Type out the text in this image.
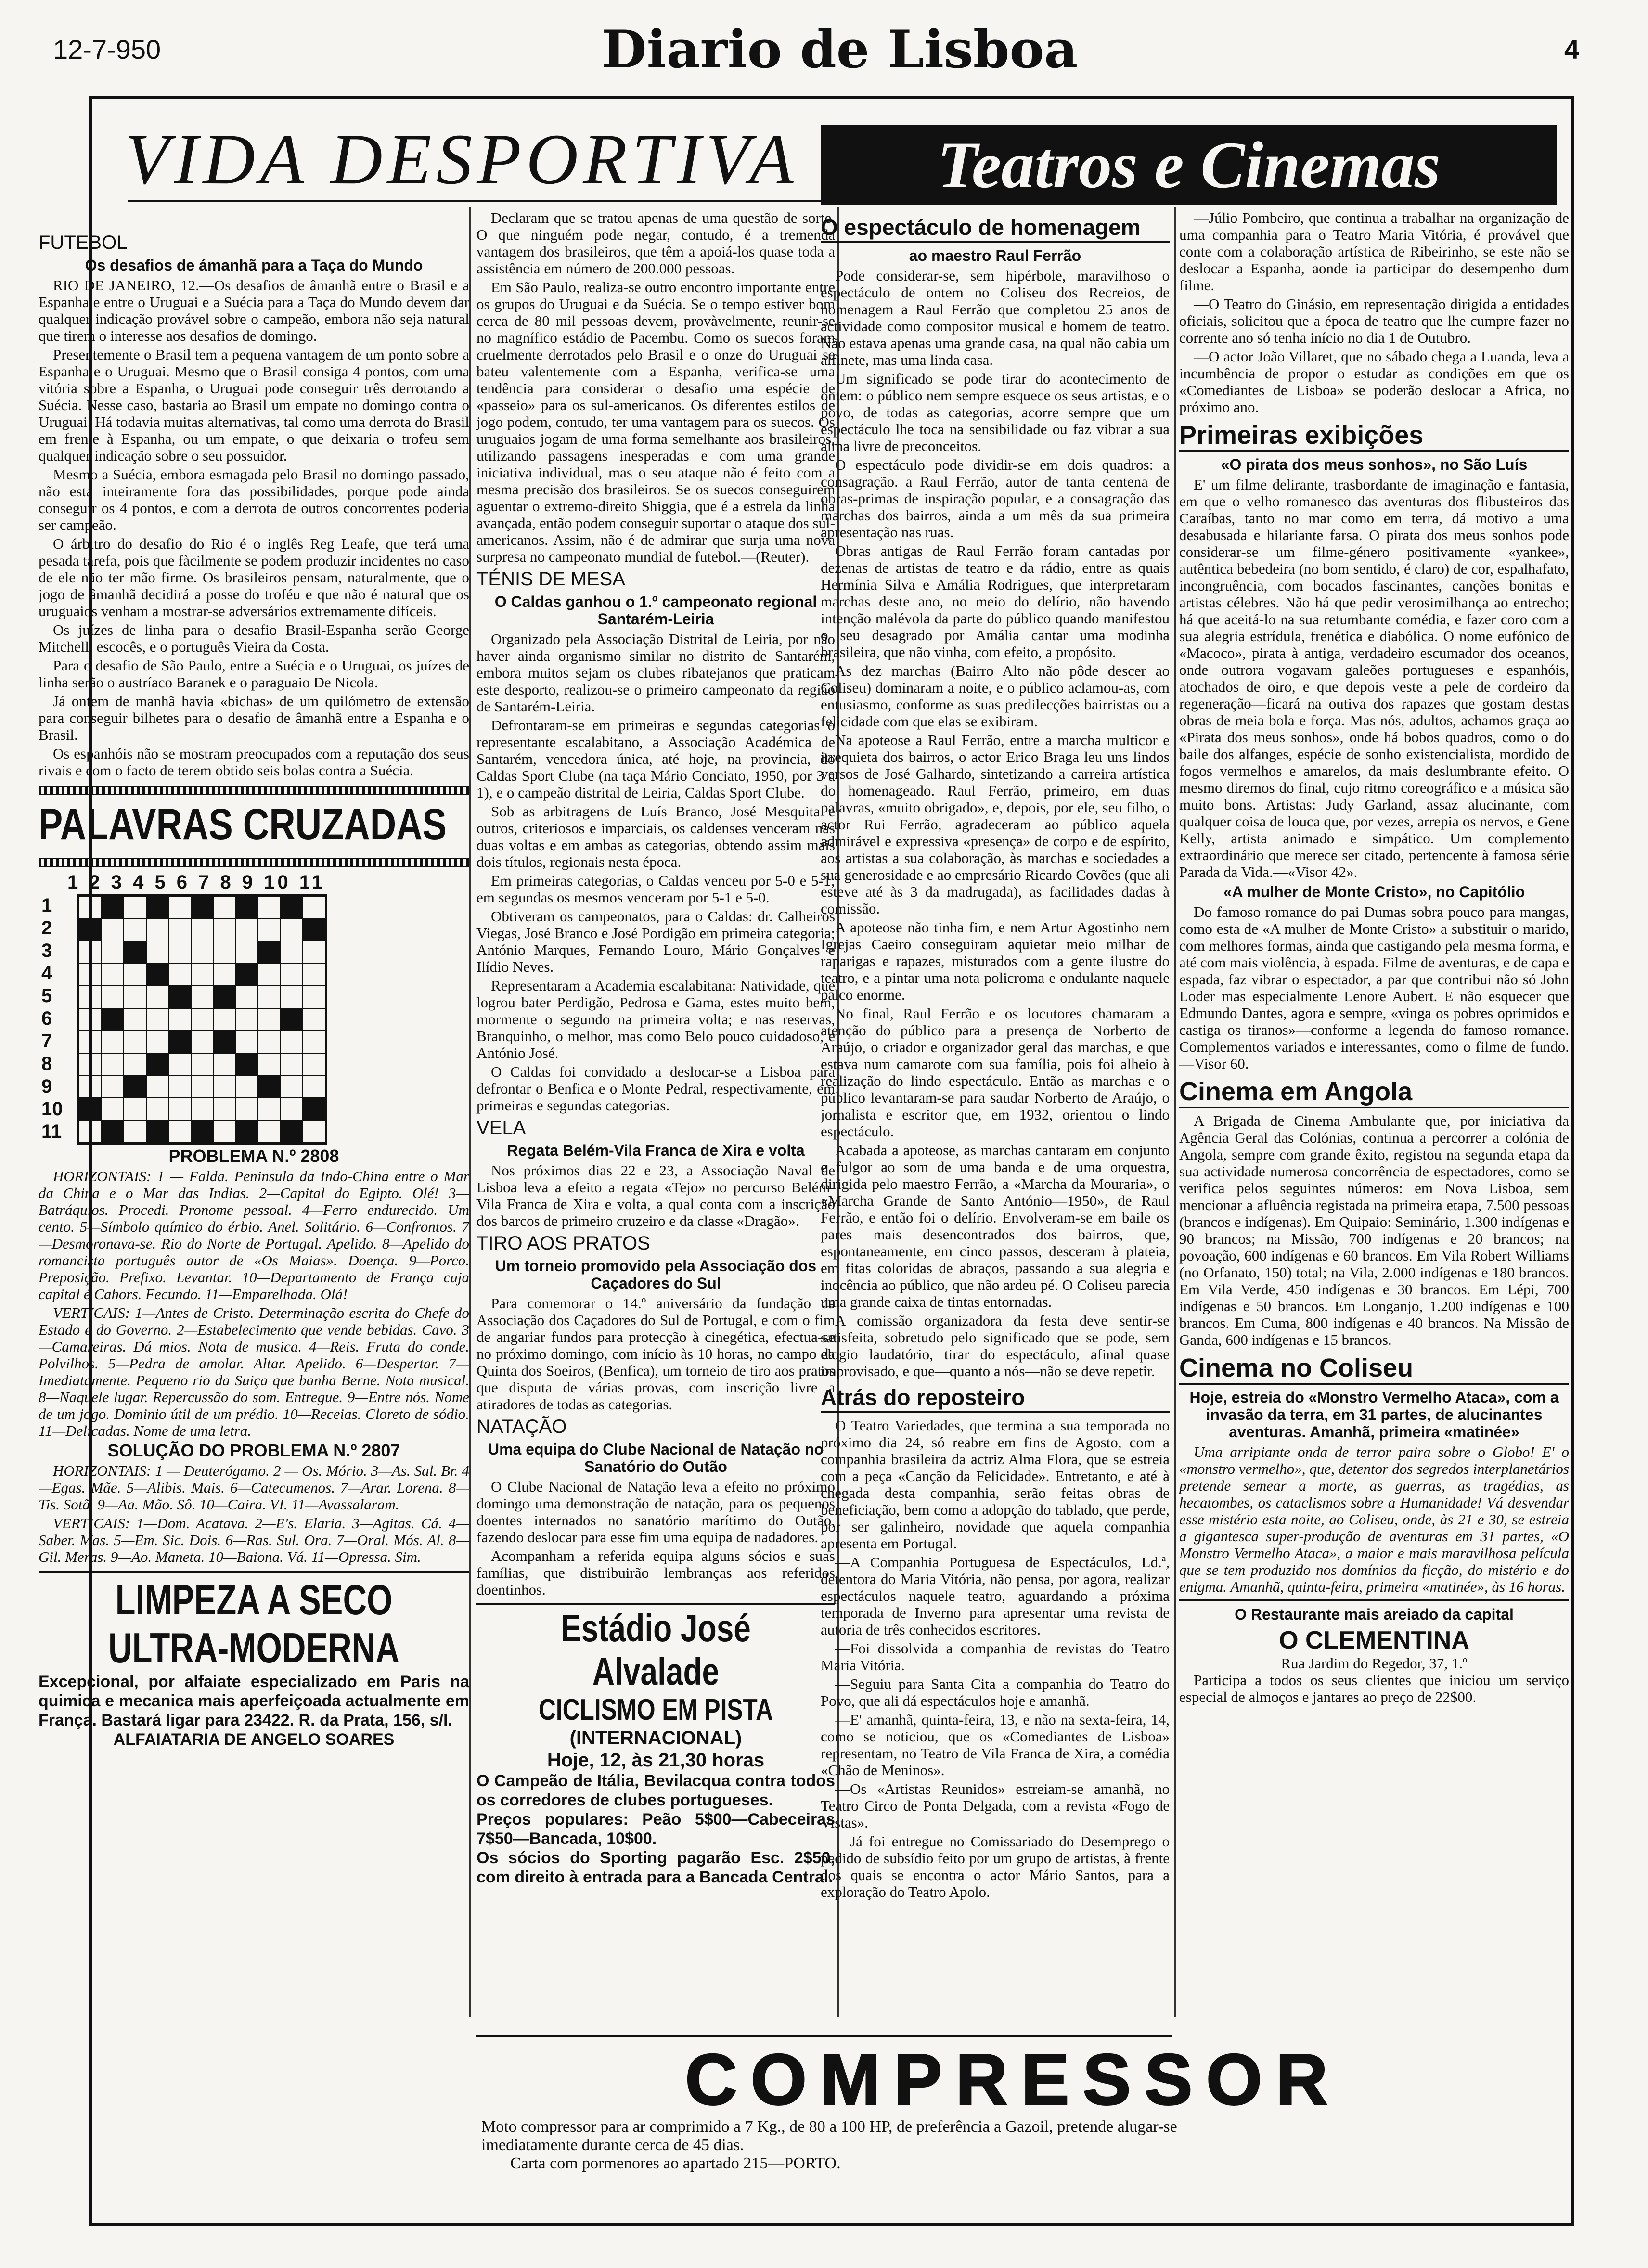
12-7-950	Diario de Lisboa	4
VIDA DESPORTIVA	Teatros e Cinemas
FUTEBOL
Os desafios de ámanhã para a Taça do Mundo

RIO DE JANEIRO, 12.—Os desafios de âmanhã entre o Brasil e a Espanha e entre o Uruguai e a Suécia para a Taça do Mundo devem dar qualquer indicação provável sobre o campeão, embora não seja natural que tirem o interesse aos desafios de domingo.

Presentemente o Brasil tem a pequena vantagem de um ponto sobre a Espanha e o Uruguai. Mesmo que o Brasil consiga 4 pontos, com uma vitória sobre a Espanha, o Uruguai pode conseguir três derrotando a Suécia. Nesse caso, bastaria ao Brasil um empate no domingo contra o Uruguai. Há todavia muitas alternativas, tal como uma derrota do Brasil em frente à Espanha, ou um empate, o que deixaria o trofeu sem qualquer indicação sobre o seu possuidor.

Mesmo a Suécia, embora esmagada pelo Brasil no domingo passado, não está inteiramente fora das possibilidades, porque pode ainda conseguir os 4 pontos, e com a derrota de outros concorrentes poderia ser campeão.

O árbitro do desafio do Rio é o inglês Reg Leafe, que terá uma pesada tarefa, pois que fàcilmente se podem produzir incidentes no caso de ele não ter mão firme. Os brasileiros pensam, naturalmente, que o jogo de âmanhã decidirá a posse do troféu e que não é natural que os uruguaios venham a mostrar-se adversários extremamente difíceis.

Os juízes de linha para o desafio Brasil-Espanha serão George Mitchell, escocês, e o português Vieira da Costa.

Para o desafio de São Paulo, entre a Suécia e o Uruguai, os juízes de linha serão o austríaco Baranek e o paraguaio De Nicola.

Já ontem de manhã havia «bichas» de um quilómetro de extensão para conseguir bilhetes para o desafio de âmanhã entre a Espanha e o Brasil.

Os espanhóis não se mostram preocupados com a reputação dos seus rivais e com o facto de terem obtido seis bolas contra a Suécia.

PALAVRAS CRUZADAS
1 2 3 4 5 6 7 8 9 10 11
1
2
3
4
5
6
7
8
9
10
11
PROBLEMA N.º 2808

HORIZONTAIS: 1 — Falda. Peninsula da Indo-China entre o Mar da China e o Mar das Indias. 2—Capital do Egipto. Olé! 3—Batráquios. Procedi. Pronome pessoal. 4—Ferro endurecido. Um cento. 5—Símbolo químico do érbio. Anel. Solitário. 6—Confrontos. 7—Desmoronava-se. Rio do Norte de Portugal. Apelido. 8—Apelido do romancista português autor de «Os Maias». Doença. 9—Porco. Preposição. Prefixo. Levantar. 10—Departamento de França cuja capital é Cahors. Fecundo. 11—Emparelhada. Olá!

VERTICAIS: 1—Antes de Cristo. Determinação escrita do Chefe do Estado e do Governo. 2—Estabelecimento que vende bebidas. Cavo. 3—Camareiras. Dá mios. Nota de musica. 4—Reis. Fruta do conde. Polvilhos. 5—Pedra de amolar. Altar. Apelido. 6—Despertar. 7—Imediatamente. Pequeno rio da Suiça que banha Berne. Nota musical. 8—Naquele lugar. Repercussão do som. Entregue. 9—Entre nós. Nome de um jogo. Dominio útil de um prédio. 10—Receias. Cloreto de sódio. 11—Delicadas. Nome de uma letra.

SOLUÇÃO DO PROBLEMA N.º 2807

HORIZONTAIS: 1 — Deuterógamo. 2 — Os. Mório. 3—As. Sal. Br. 4—Egas. Mãe. 5—Alibis. Mais. 6—Catecumenos. 7—Arar. Lorena. 8—Tis. Sotã. 9—Aa. Mão. Sô. 10—Caira. VI. 11—Avassalaram.

VERTICAIS: 1—Dom. Acatava. 2—E's. Elaria. 3—Agitas. Cá. 4—Saber. Mas. 5—Em. Sic. Dois. 6—Ras. Sul. Ora. 7—Oral. Mós. Al. 8—Gil. Meras. 9—Ao. Maneta. 10—Baiona. Vá. 11—Opressa. Sim.

LIMPEZA A SECO
ULTRA-MODERNA
Excepcional, por alfaiate especializado em Paris na quimica e mecanica mais aperfeiçoada actualmente em França. Bastará ligar para 23422. R. da Prata, 156, s/l.
ALFAIATARIA DE ANGELO SOARES

Declaram que se tratou apenas de uma questão de sorte. O que ninguém pode negar, contudo, é a tremenda vantagem dos brasileiros, que têm a apoiá-los quase toda a assistência em número de 200.000 pessoas.

Em São Paulo, realiza-se outro encontro importante entre os grupos do Uruguai e da Suécia. Se o tempo estiver bom cerca de 80 mil pessoas devem, provàvelmente, reunir-se no magnífico estádio de Pacembu. Como os suecos foram cruelmente derrotados pelo Brasil e o onze do Uruguai se bateu valentemente com a Espanha, verifica-se uma tendência para considerar o desafio uma espécie de «passeio» para os sul-americanos. Os diferentes estilos de jogo podem, contudo, ter uma vantagem para os suecos. Os uruguaios jogam de uma forma semelhante aos brasileiros, utilizando passagens inesperadas e com uma grande iniciativa individual, mas o seu ataque não é feito com a mesma precisão dos brasileiros. Se os suecos conseguirem aguentar o extremo-direito Shiggia, que é a estrela da linha avançada, então podem conseguir suportar o ataque dos sul-americanos. Assim, não é de admirar que surja uma nova surpresa no campeonato mundial de futebol.—(Reuter).

TÉNIS DE MESA
O Caldas ganhou o 1.º campeonato regional Santarém-Leiria

Organizado pela Associação Distrital de Leiria, por não haver ainda organismo similar no distrito de Santarém, embora muitos sejam os clubes ribatejanos que praticam este desporto, realizou-se o primeiro campeonato da região de Santarém-Leiria.

Defrontaram-se em primeiras e segundas categorias o representante escalabitano, a Associação Académica de Santarém, vencedora única, até hoje, na provincia, do Caldas Sport Clube (na taça Mário Conciato, 1950, por 3 a 1), e o campeão distrital de Leiria, Caldas Sport Clube.

Sob as arbitragens de Luís Branco, José Mesquita e outros, criteriosos e imparciais, os caldenses venceram nas duas voltas e em ambas as categorias, obtendo assim mais dois títulos, regionais nesta época.

Em primeiras categorias, o Caldas venceu por 5-0 e 5-1; em segundas os mesmos venceram por 5-1 e 5-0.

Obtiveram os campeonatos, para o Caldas: dr. Calheiros Viegas, José Branco e José Pordigão em primeira categoria; António Marques, Fernando Louro, Mário Gonçalves e Ilídio Neves.

Representaram a Academia escalabitana: Natividade, que logrou bater Perdigão, Pedrosa e Gama, estes muito bem, mormente o segundo na primeira volta; e nas reservas, Branquinho, o melhor, mas como Belo pouco cuidadoso, e António José.

O Caldas foi convidado a deslocar-se a Lisboa para defrontar o Benfica e o Monte Pedral, respectivamente, em primeiras e segundas categorias.

VELA
Regata Belém-Vila Franca de Xira e volta

Nos próximos dias 22 e 23, a Associação Naval de Lisboa leva a efeito a regata «Tejo» no percurso Belém-Vila Franca de Xira e volta, a qual conta com a inscrição dos barcos de primeiro cruzeiro e da classe «Dragão».

TIRO AOS PRATOS
Um torneio promovido pela Associação dos Caçadores do Sul

Para comemorar o 14.º aniversário da fundação da Associação dos Caçadores do Sul de Portugal, e com o fim de angariar fundos para protecção à cinegética, efectua-se no próximo domingo, com início às 10 horas, no campo da Quinta dos Soeiros, (Benfica), um torneio de tiro aos pratos que disputa de várias provas, com inscrição livre a atiradores de todas as categorias.

NATAÇÃO
Uma equipa do Clube Nacional de Natação no Sanatório do Outão

O Clube Nacional de Natação leva a efeito no próximo domingo uma demonstração de natação, para os pequenos doentes internados no sanatório marítimo do Outão, fazendo deslocar para esse fim uma equipa de nadadores.

Acompanham a referida equipa alguns sócios e suas famílias, que distribuirão lembranças aos referidos doentinhos.

Estádio José Alvalade
CICLISMO EM PISTA
(INTERNACIONAL)
Hoje, 12, às 21,30 horas
O Campeão de Itália, Bevilacqua contra todos os corredores de clubes portugueses.
Preços populares: Peão 5$00—Cabeceiras 7$50—Bancada, 10$00.
Os sócios do Sporting pagarão Esc. 2$50, com direito à entrada para a Bancada Central.
O espectáculo de homenagem
ao maestro Raul Ferrão

Pode considerar-se, sem hipérbole, maravilhoso o espectáculo de ontem no Coliseu dos Recreios, de homenagem a Raul Ferrão que completou 25 anos de actividade como compositor musical e homem de teatro. Não estava apenas uma grande casa, na qual não cabia um alfinete, mas uma linda casa.

Um significado se pode tirar do acontecimento de ontem: o público nem sempre esquece os seus artistas, e o povo, de todas as categorias, acorre sempre que um espectáculo lhe toca na sensibilidade ou faz vibrar a sua alma livre de preconceitos.

O espectáculo pode dividir-se em dois quadros: a consagração. a Raul Ferrão, autor de tanta centena de obras-primas de inspiração popular, e a consagração das marchas dos bairros, ainda a um mês da sua primeira apresentação nas ruas.

Obras antigas de Raul Ferrão foram cantadas por dezenas de artistas de teatro e da rádio, entre as quais Hermínia Silva e Amália Rodrigues, que interpretaram marchas deste ano, no meio do delírio, não havendo intenção malévola da parte do público quando manifestou o seu desagrado por Amália cantar uma modinha brasileira, que não vinha, com efeito, a propósito.

As dez marchas (Bairro Alto não pôde descer ao Coliseu) dominaram a noite, e o público aclamou-as, com entusiasmo, conforme as suas predilecções bairristas ou a felicidade com que elas se exibiram.

Na apoteose a Raul Ferrão, entre a marcha multicor e irrequieta dos bairros, o actor Erico Braga leu uns lindos versos de José Galhardo, sintetizando a carreira artística do homenageado. Raul Ferrão, primeiro, em duas palavras, «muito obrigado», e, depois, por ele, seu filho, o actor Rui Ferrão, agradeceram ao público aquela admirável e expressiva «presença» de corpo e de espírito, aos artistas a sua colaboração, às marchas e sociedades a sua generosidade e ao empresário Ricardo Covões (que ali esteve até às 3 da madrugada), as facilidades dadas à comissão.

A apoteose não tinha fim, e nem Artur Agostinho nem Igrejas Caeiro conseguiram aquietar meio milhar de raparigas e rapazes, misturados com a gente ilustre do teatro, e a pintar uma nota policroma e ondulante naquele palco enorme.

No final, Raul Ferrão e os locutores chamaram a atenção do público para a presença de Norberto de Araújo, o criador e organizador geral das marchas, e que estava num camarote com sua família, pois foi alheio à realização do lindo espectáculo. Então as marchas e o público levantaram-se para saudar Norberto de Araújo, o jornalista e escritor que, em 1932, orientou o lindo espectáculo.

Acabada a apoteose, as marchas cantaram em conjunto e fulgor ao som de uma banda e de uma orquestra, dirigida pelo maestro Ferrão, a «Marcha da Mouraria», o «Marcha Grande de Santo António—1950», de Raul Ferrão, e então foi o delírio. Envolveram-se em baile os pares mais desencontrados dos bairros, que, espontaneamente, em cinco passos, desceram à plateia, em fitas coloridas de abraços, passando a sua alegria e inocência ao público, que não ardeu pé. O Coliseu parecia uma grande caixa de tintas entornadas.

A comissão organizadora da festa deve sentir-se satisfeita, sobretudo pelo significado que se pode, sem elogio laudatório, tirar do espectáculo, afinal quase improvisado, e que—quanto a nós—não se deve repetir.

Atrás do reposteiro

O Teatro Variedades, que termina a sua temporada no próximo dia 24, só reabre em fins de Agosto, com a companhia brasileira da actriz Alma Flora, que se estreia com a peça «Canção da Felicidade». Entretanto, e até à chegada desta companhia, serão feitas obras de beneficiação, bem como a adopção do tablado, que perde, por ser galinheiro, novidade que aquela companhia apresenta em Portugal.

—A Companhia Portuguesa de Espectáculos, Ld.ª, detentora do Maria Vitória, não pensa, por agora, realizar espectáculos naquele teatro, aguardando a próxima temporada de Inverno para apresentar uma revista de autoria de três conhecidos escritores.

—Foi dissolvida a companhia de revistas do Teatro Maria Vitória.

—Seguiu para Santa Cita a companhia do Teatro do Povo, que ali dá espectáculos hoje e amanhã.

—E' amanhã, quinta-feira, 13, e não na sexta-feira, 14, como se noticiou, que os «Comediantes de Lisboa» representam, no Teatro de Vila Franca de Xira, a comédia «Chão de Meninos».

—Os «Artistas Reunidos» estreiam-se amanhã, no Teatro Circo de Ponta Delgada, com a revista «Fogo de Vistas».

—Já foi entregue no Comissariado do Desemprego o pedido de subsídio feito por um grupo de artistas, à frente dos quais se encontra o actor Mário Santos, para a exploração do Teatro Apolo.

—Júlio Pombeiro, que continua a trabalhar na organização de uma companhia para o Teatro Maria Vitória, é provável que conte com a colaboração artística de Ribeirinho, se este não se deslocar a Espanha, aonde ia participar do desempenho dum filme.

—O Teatro do Ginásio, em representação dirigida a entidades oficiais, solicitou que a época de teatro que lhe cumpre fazer no corrente ano só tenha início no dia 1 de Outubro.

—O actor João Villaret, que no sábado chega a Luanda, leva a incumbência de propor o estudar as condições em que os «Comediantes de Lisboa» se poderão deslocar a Africa, no próximo ano.

Primeiras exibições
«O pirata dos meus sonhos», no São Luís

E' um filme delirante, trasbordante de imaginação e fantasia, em que o velho romanesco das aventuras dos flibusteiros das Caraíbas, tanto no mar como em terra, dá motivo a uma desabusada e hilariante farsa. O pirata dos meus sonhos pode considerar-se um filme-género positivamente «yankee», autêntica bebedeira (no bom sentido, é claro) de cor, espalhafato, incongruência, com bocados fascinantes, canções bonitas e artistas célebres. Não há que pedir verosimilhança ao entrecho; há que aceitá-lo na sua retumbante comédia, e fazer coro com a sua alegria estrídula, frenética e diabólica. O nome eufónico de «Macoco», pirata à antiga, verdadeiro escumador dos oceanos, onde outrora vogavam galeões portugueses e espanhóis, atochados de oiro, e que depois veste a pele de cordeiro da regeneração—ficará na outiva dos rapazes que gostam destas obras de meia bola e força. Mas nós, adultos, achamos graça ao «Pirata dos meus sonhos», onde há bobos quadros, como o do baile dos alfanges, espécie de sonho existencialista, mordido de fogos vermelhos e amarelos, da mais deslumbrante efeito. O mesmo diremos do final, cujo ritmo coreográfico e a música são muito bons. Artistas: Judy Garland, assaz alucinante, com qualquer coisa de louca que, por vezes, arrepia os nervos, e Gene Kelly, artista animado e simpático. Um complemento extraordinário que merece ser citado, pertencente à famosa série Parada da Vida.—«Visor 42».

«A mulher de Monte Cristo», no Capitólio

Do famoso romance do pai Dumas sobra pouco para mangas, como esta de «A mulher de Monte Cristo» a substituir o marido, com melhores formas, ainda que castigando pela mesma forma, e até com mais violência, à espada. Filme de aventuras, e de capa e espada, faz vibrar o espectador, a par que contribui não só John Loder mas especialmente Lenore Aubert. E não esquecer que Edmundo Dantes, agora e sempre, «vinga os pobres oprimidos e castiga os tiranos»—conforme a legenda do famoso romance. Complementos variados e interessantes, como o filme de fundo.—Visor 60.

Cinema em Angola

A Brigada de Cinema Ambulante que, por iniciativa da Agência Geral das Colónias, continua a percorrer a colónia de Angola, sempre com grande êxito, registou na segunda etapa da sua actividade numerosa concorrência de espectadores, como se verifica pelos seguintes números: em Nova Lisboa, sem mencionar a afluência registada na primeira etapa, 7.500 pessoas (brancos e indígenas). Em Quipaio: Seminário, 1.300 indígenas e 90 brancos; na Missão, 700 indígenas e 20 brancos; na povoação, 600 indígenas e 60 brancos. Em Vila Robert Williams (no Orfanato, 150) total; na Vila, 2.000 indígenas e 180 brancos. Em Vila Verde, 450 indígenas e 30 brancos. Em Lépi, 700 indígenas e 50 brancos. Em Longanjo, 1.200 indígenas e 100 brancos. Em Cuma, 800 indígenas e 40 brancos. Na Missão de Ganda, 600 indígenas e 15 brancos.

Cinema no Coliseu
Hoje, estreia do «Monstro Vermelho Ataca», com a invasão da terra, em 31 partes, de alucinantes aventuras. Amanhã, primeira «matinée»

Uma arripiante onda de terror paira sobre o Globo! E' o «monstro vermelho», que, detentor dos segredos interplanetários pretende semear a morte, as guerras, as tragédias, as hecatombes, os cataclismos sobre a Humanidade! Vá desvendar esse mistério esta noite, ao Coliseu, onde, às 21 e 30, se estreia a gigantesca super-produção de aventuras em 31 partes, «O Monstro Vermelho Ataca», a maior e mais maravilhosa película que se tem produzido nos domínios da ficção, do mistério e do enigma. Amanhã, quinta-feira, primeira «matinée», às 16 horas.

O Restaurante mais areiado da capital
O CLEMENTINA
Rua Jardim do Regedor, 37, 1.º

Participa a todos os seus clientes que iniciou um serviço especial de almoços e jantares ao preço de 22$00.

COMPRESSOR
Moto compressor para ar comprimido a 7 Kg., de 80 a 100 HP, de preferência a Gazoil, pretende alugar-se imediatamente durante cerca de 45 dias.
Carta com pormenores ao apartado 215—PORTO.
